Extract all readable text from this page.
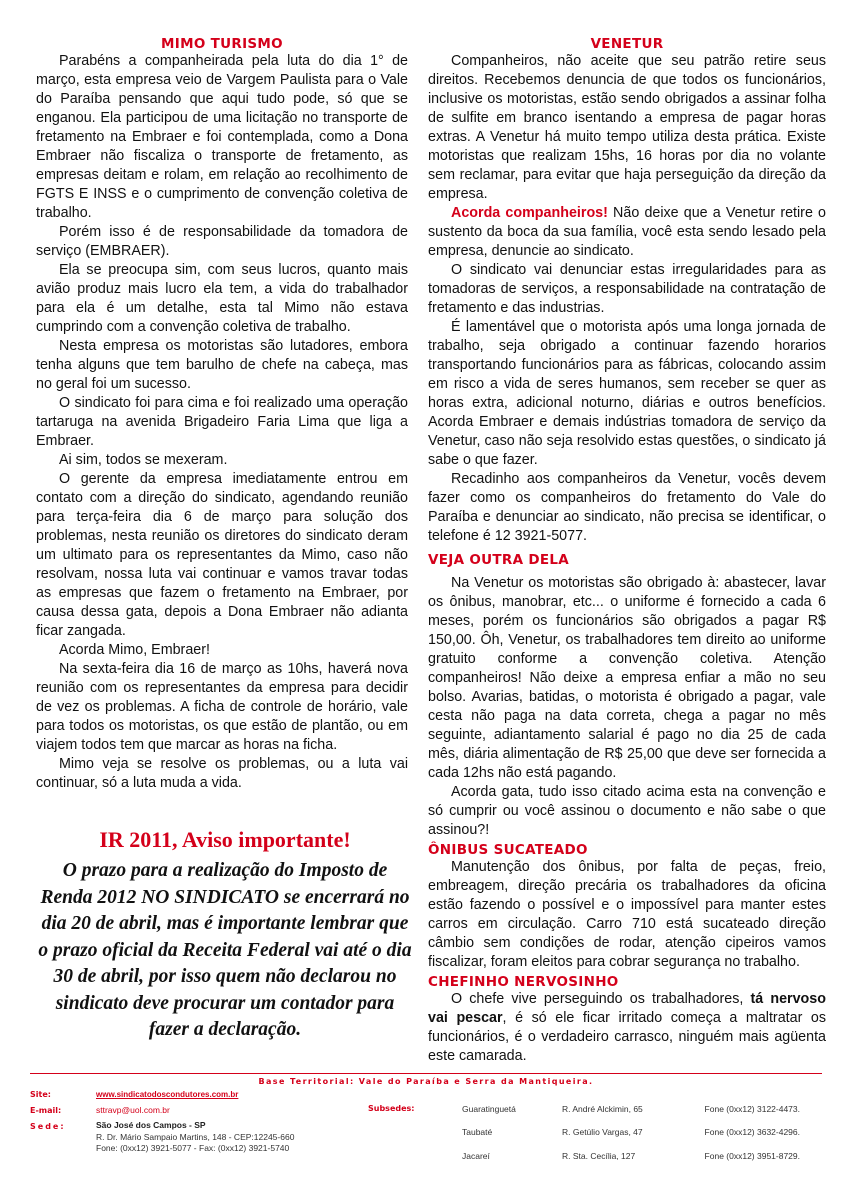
MIMO TURISMO

Parabéns a companheirada pela luta do dia 1° de março, esta empresa veio de Vargem Paulista para o Vale do Paraíba pensando que aqui tudo pode, só que se enganou. Ela participou de uma licitação no transporte de fretamento na Embraer e foi contemplada, como a Dona Embraer não fiscaliza o transporte de fretamento, as empresas deitam e rolam, em relação ao recolhimento de FGTS E INSS e o cumprimento de convenção coletiva de trabalho.

Porém isso é de responsabilidade da tomadora de serviço (EMBRAER).

Ela se preocupa sim, com seus lucros, quanto mais avião produz mais lucro ela tem, a vida do trabalhador para ela é um detalhe, esta tal Mimo não estava cumprindo com a convenção coletiva de trabalho.

Nesta empresa os motoristas são lutadores, embora tenha alguns que tem barulho de chefe na cabeça, mas no geral foi um sucesso.

O sindicato foi para cima e foi realizado uma operação tartaruga na avenida Brigadeiro Faria Lima que liga a Embraer.

Ai sim, todos se mexeram.

O gerente da empresa imediatamente entrou em contato com a direção do sindicato, agendando reunião para terça-feira dia 6 de março para solução dos problemas, nesta reunião os diretores do sindicato deram um ultimato para os representantes da Mimo, caso não resolvam, nossa luta vai continuar e vamos travar todas as empresas que fazem o fretamento na Embraer, por causa dessa gata, depois a Dona Embraer não adianta ficar zangada.

Acorda Mimo, Embraer!

Na sexta-feira dia 16 de março as 10hs, haverá nova reunião com os representantes da empresa para decidir de vez os problemas. A ficha de controle de horário, vale para todos os motoristas, os que estão de plantão, ou em viajem todos tem que marcar as horas na ficha.

Mimo veja se resolve os problemas, ou a luta vai continuar, só a luta muda a vida.

IR 2011, Aviso importante!
O prazo para a realização do Imposto de Renda 2012 NO SINDICATO se encerrará no dia 20 de abril, mas é importante lembrar que o prazo oficial da Receita Federal vai até o dia 30 de abril, por isso quem não declarou no sindicato deve procurar um contador para fazer a declaração.
VENETUR

Companheiros, não aceite que seu patrão retire seus direitos. Recebemos denuncia de que todos os funcionários, inclusive os motoristas, estão sendo obrigados a assinar folha de sulfite em branco isentando a empresa de pagar horas extras. A Venetur há muito tempo utiliza desta prática. Existe motoristas que realizam 15hs, 16 horas por dia no volante sem reclamar, para evitar que haja perseguição da direção da empresa.

Acorda companheiros! Não deixe que a Venetur retire o sustento da boca da sua família, você esta sendo lesado pela empresa, denuncie ao sindicato.

O sindicato vai denunciar estas irregularidades para as tomadoras de serviços, a responsabilidade na contratação de fretamento e das industrias.

É lamentável que o motorista após uma longa jornada de trabalho, seja obrigado a continuar fazendo horarios transportando funcionários para as fábricas, colocando assim em risco a vida de seres humanos, sem receber se quer as horas extra, adicional noturno, diárias e outros benefícios. Acorda Embraer e demais indústrias tomadora de serviço da Venetur, caso não seja resolvido estas questões, o sindicato já sabe o que fazer.

Recadinho aos companheiros da Venetur, vocês devem fazer como os companheiros do fretamento do Vale do Paraíba e denunciar ao sindicato, não precisa se identificar, o telefone é 12 3921-5077.

VEJA OUTRA DELA

Na Venetur os motoristas são obrigado à: abastecer, lavar os ônibus, manobrar, etc... o uniforme é fornecido a cada 6 meses, porém os funcionários são obrigados a pagar R$ 150,00. Ôh, Venetur, os trabalhadores tem direito ao uniforme gratuito conforme a convenção coletiva. Atenção companheiros! Não deixe a empresa enfiar a mão no seu bolso. Avarias, batidas, o motorista é obrigado a pagar, vale cesta não paga na data correta, chega a pagar no mês seguinte, adiantamento salarial é pago no dia 25 de cada mês, diária alimentação de R$ 25,00 que deve ser fornecida a cada 12hs não está pagando.

Acorda gata, tudo isso citado acima esta na convenção e só cumprir ou você assinou o documento e não sabe o que assinou?!

ÔNIBUS SUCATEADO

Manutenção dos ônibus, por falta de peças, freio, embreagem, direção precária os trabalhadores da oficina estão fazendo o possível e o impossível para manter estes carros em circulação. Carro 710 está sucateado direção câmbio sem condições de rodar, atenção cipeiros vamos fiscalizar, foram eleitos para cobrar segurança no trabalho.

CHEFINHO NERVOSINHO

O chefe vive perseguindo os trabalhadores, tá nervoso vai pescar, é só ele ficar irritado começa a maltratar os funcionários, é o verdadeiro carrasco, ninguém mais agüenta este camarada.

Base Territorial: Vale do Paraíba e Serra da Mantiqueira.
Site:	www.sindicatodoscondutores.com.br
E-mail:	sttravp@uol.com.br
Sede:	São José dos Campos - SP
R. Dr. Mário Sampaio Martins, 148 - CEP:12245-660
Fone: (0xx12) 3921-5077 - Fax: (0xx12) 3921-5740
Subsedes:	Guaratinguetá	R. André Alckimin, 65	Fone (0xx12) 3122-4473.
Taubaté	R. Getúlio Vargas, 47	Fone (0xx12) 3632-4296.
Jacareí	R. Sta. Cecília, 127	Fone (0xx12) 3951-8729.
